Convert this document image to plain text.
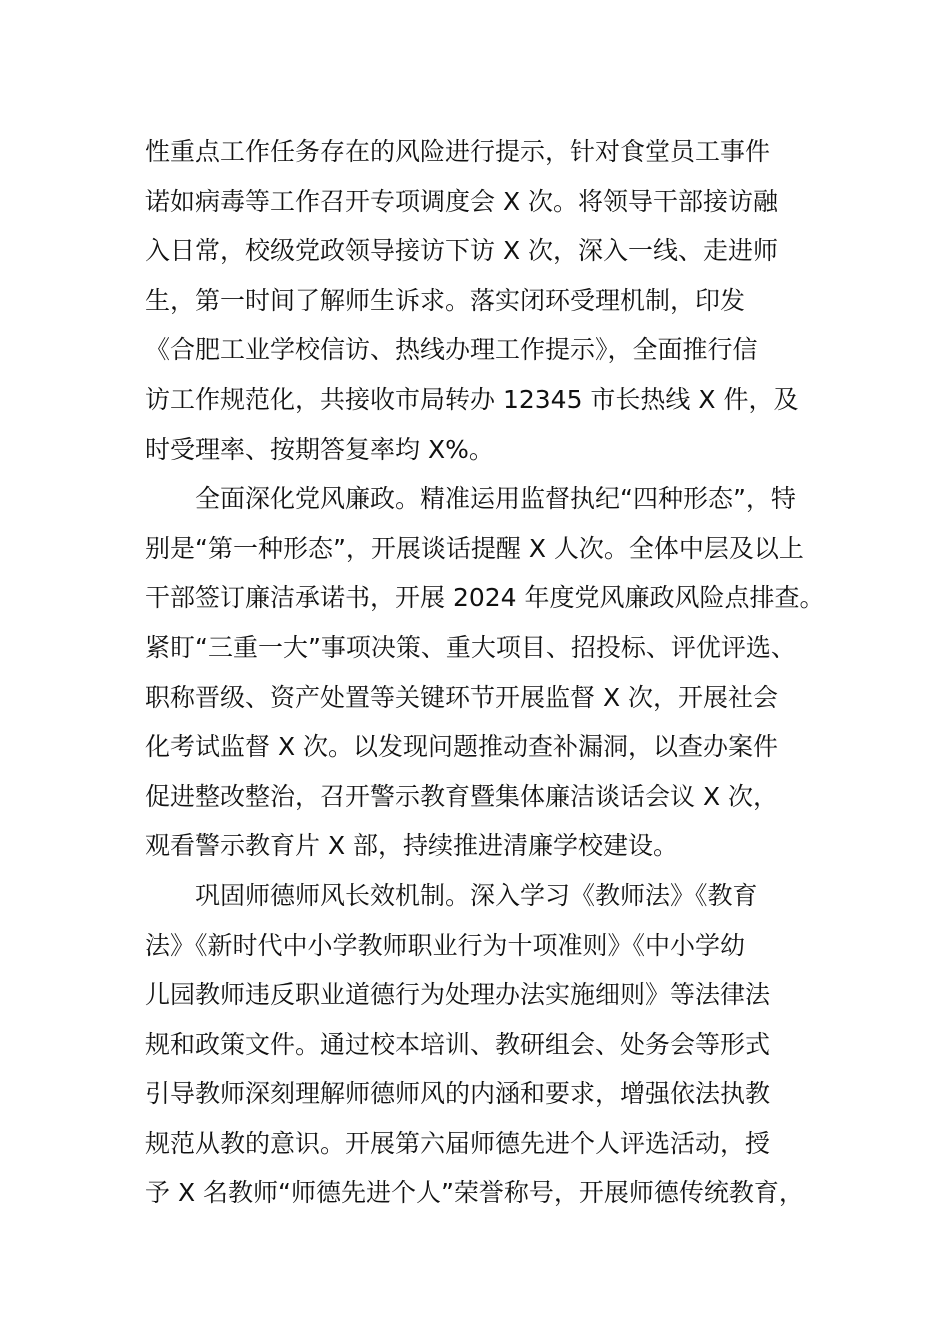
性重点工作任务存在的风险进行提示，针对食堂员工事件
诺如病毒等工作召开专项调度会 X 次。将领导干部接访融
入日常，校级党政领导接访下访 X 次，深入一线、走进师
生，第一时间了解师生诉求。落实闭环受理机制，印发
《合肥工业学校信访、热线办理工作提示》，全面推行信
访工作规范化，共接收市局转办 12345 市长热线 X 件，及
时受理率、按期答复率均 X%。
全面深化党风廉政。精准运用监督执纪“四种形态”，特
别是“第一种形态”，开展谈话提醒 X 人次。全体中层及以上
干部签订廉洁承诺书，开展 2024 年度党风廉政风险点排查。
紧盯“三重一大”事项决策、重大项目、招投标、评优评选、
职称晋级、资产处置等关键环节开展监督 X 次，开展社会
化考试监督 X 次。以发现问题推动查补漏洞，以查办案件
促进整改整治，召开警示教育暨集体廉洁谈话会议 X 次，
观看警示教育片 X 部，持续推进清廉学校建设。
巩固师德师风长效机制。深入学习《教师法》《教育
法》《新时代中小学教师职业行为十项准则》《中小学幼
儿园教师违反职业道德行为处理办法实施细则》等法律法
规和政策文件。通过校本培训、教研组会、处务会等形式
引导教师深刻理解师德师风的内涵和要求，增强依法执教
规范从教的意识。开展第六届师德先进个人评选活动，授
予 X 名教师“师德先进个人”荣誉称号，开展师德传统教育，
